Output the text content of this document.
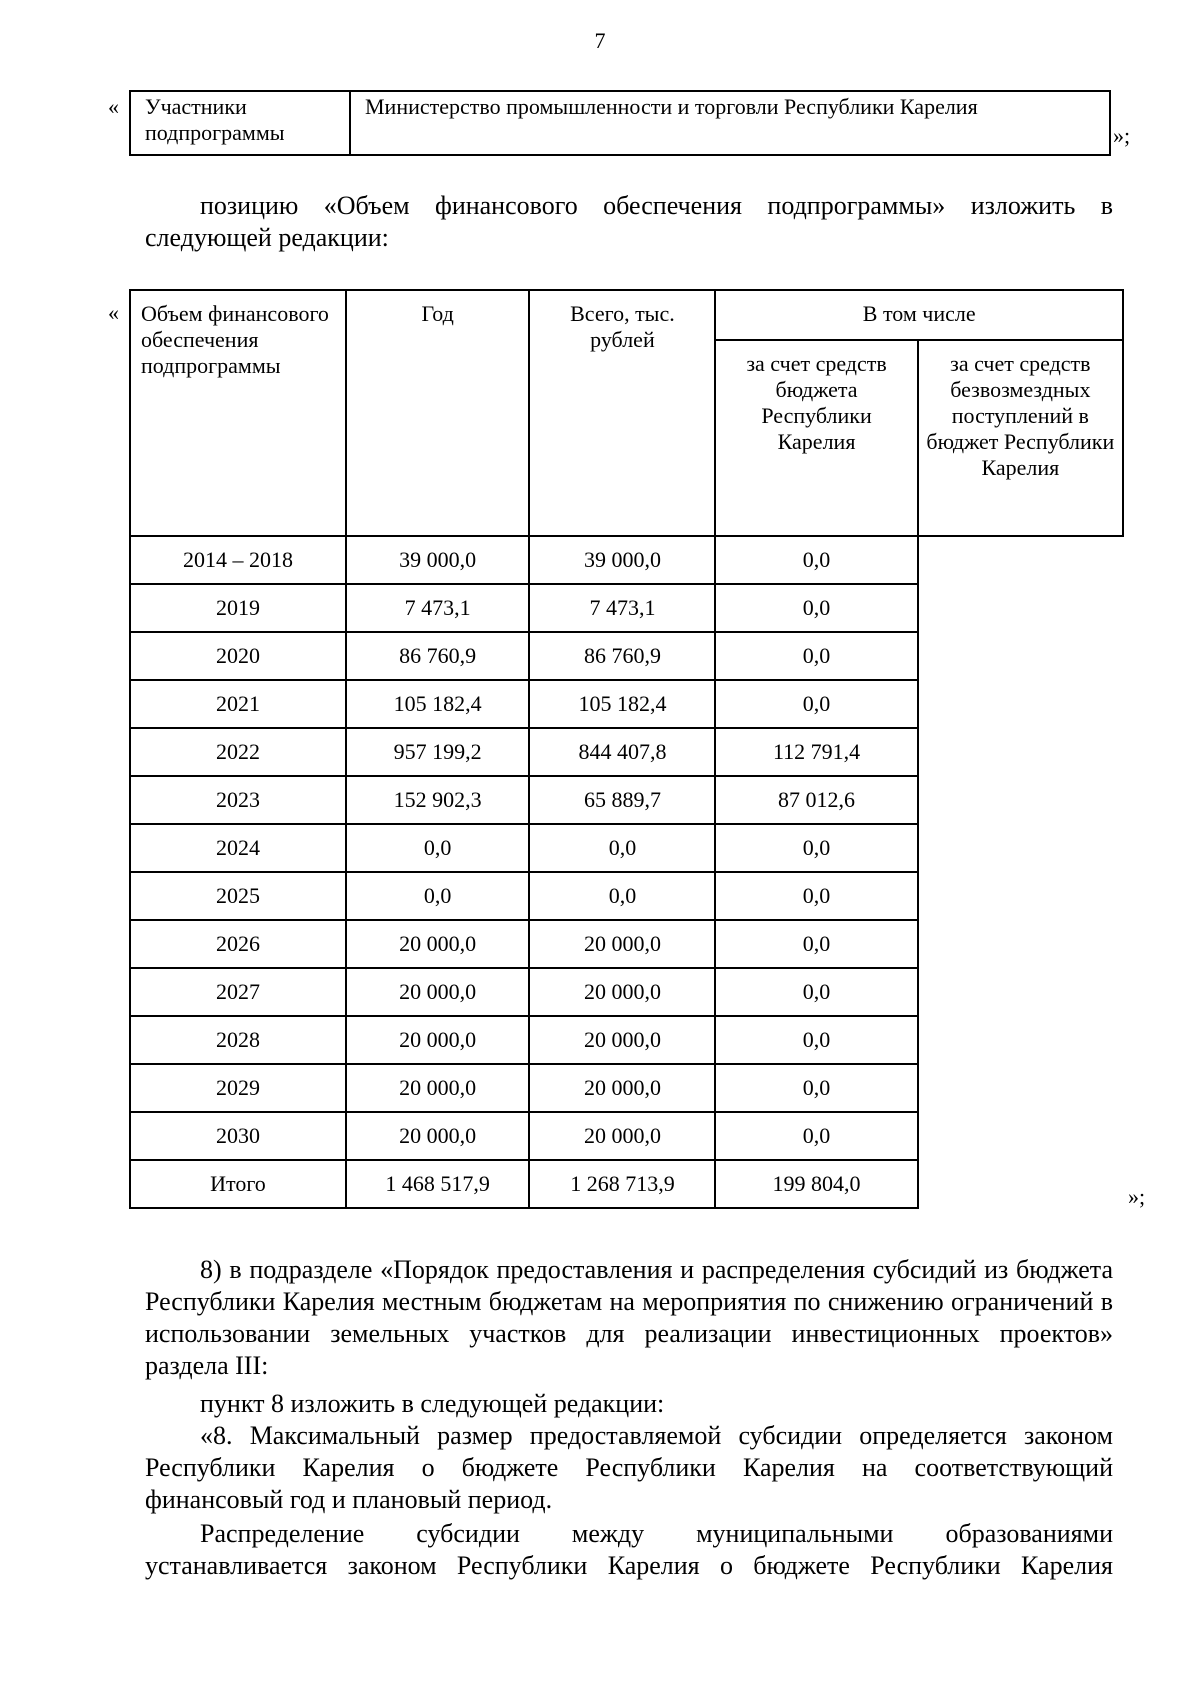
7
« Участники подпрограммы	Министерство промышленности и торговли Республики Карелия
»;
позицию «Объем финансового обеспечения подпрограммы» изложить в следующей редакции:
« Объем финансового обеспечения подпрограммы	Год	Всего, тыс. рублей	В том числе	
			за счет средств бюджета Республики Карелия	за счет средств безвозмездных поступлений в бюджет Республики Карелия
2014 – 2018	39 000,0	39 000,0	0,0	
2019	7 473,1	7 473,1	0,0	
2020	86 760,9	86 760,9	0,0	
2021	105 182,4	105 182,4	0,0	
2022	957 199,2	844 407,8	112 791,4	
2023	152 902,3	65 889,7	87 012,6	
2024	0,0	0,0	0,0	
2025	0,0	0,0	0,0	
2026	20 000,0	20 000,0	0,0	
2027	20 000,0	20 000,0	0,0	
2028	20 000,0	20 000,0	0,0	
2029	20 000,0	20 000,0	0,0	
2030	20 000,0	20 000,0	0,0	
Итого	1 468 517,9	1 268 713,9	199 804,0	
»;
8) в подразделе «Порядок предоставления и распределения субсидий из бюджета Республики Карелия местным бюджетам на мероприятия по снижению ограничений в использовании земельных участков для реализации инвестиционных проектов» раздела III:
пункт 8 изложить в следующей редакции:
«8. Максимальный размер предоставляемой субсидии определяется законом Республики Карелия о бюджете Республики Карелия на соответствующий финансовый год и плановый период.
Распределение субсидии между муниципальными образованиями устанавливается законом Республики Карелия о бюджете Республики Карелия
